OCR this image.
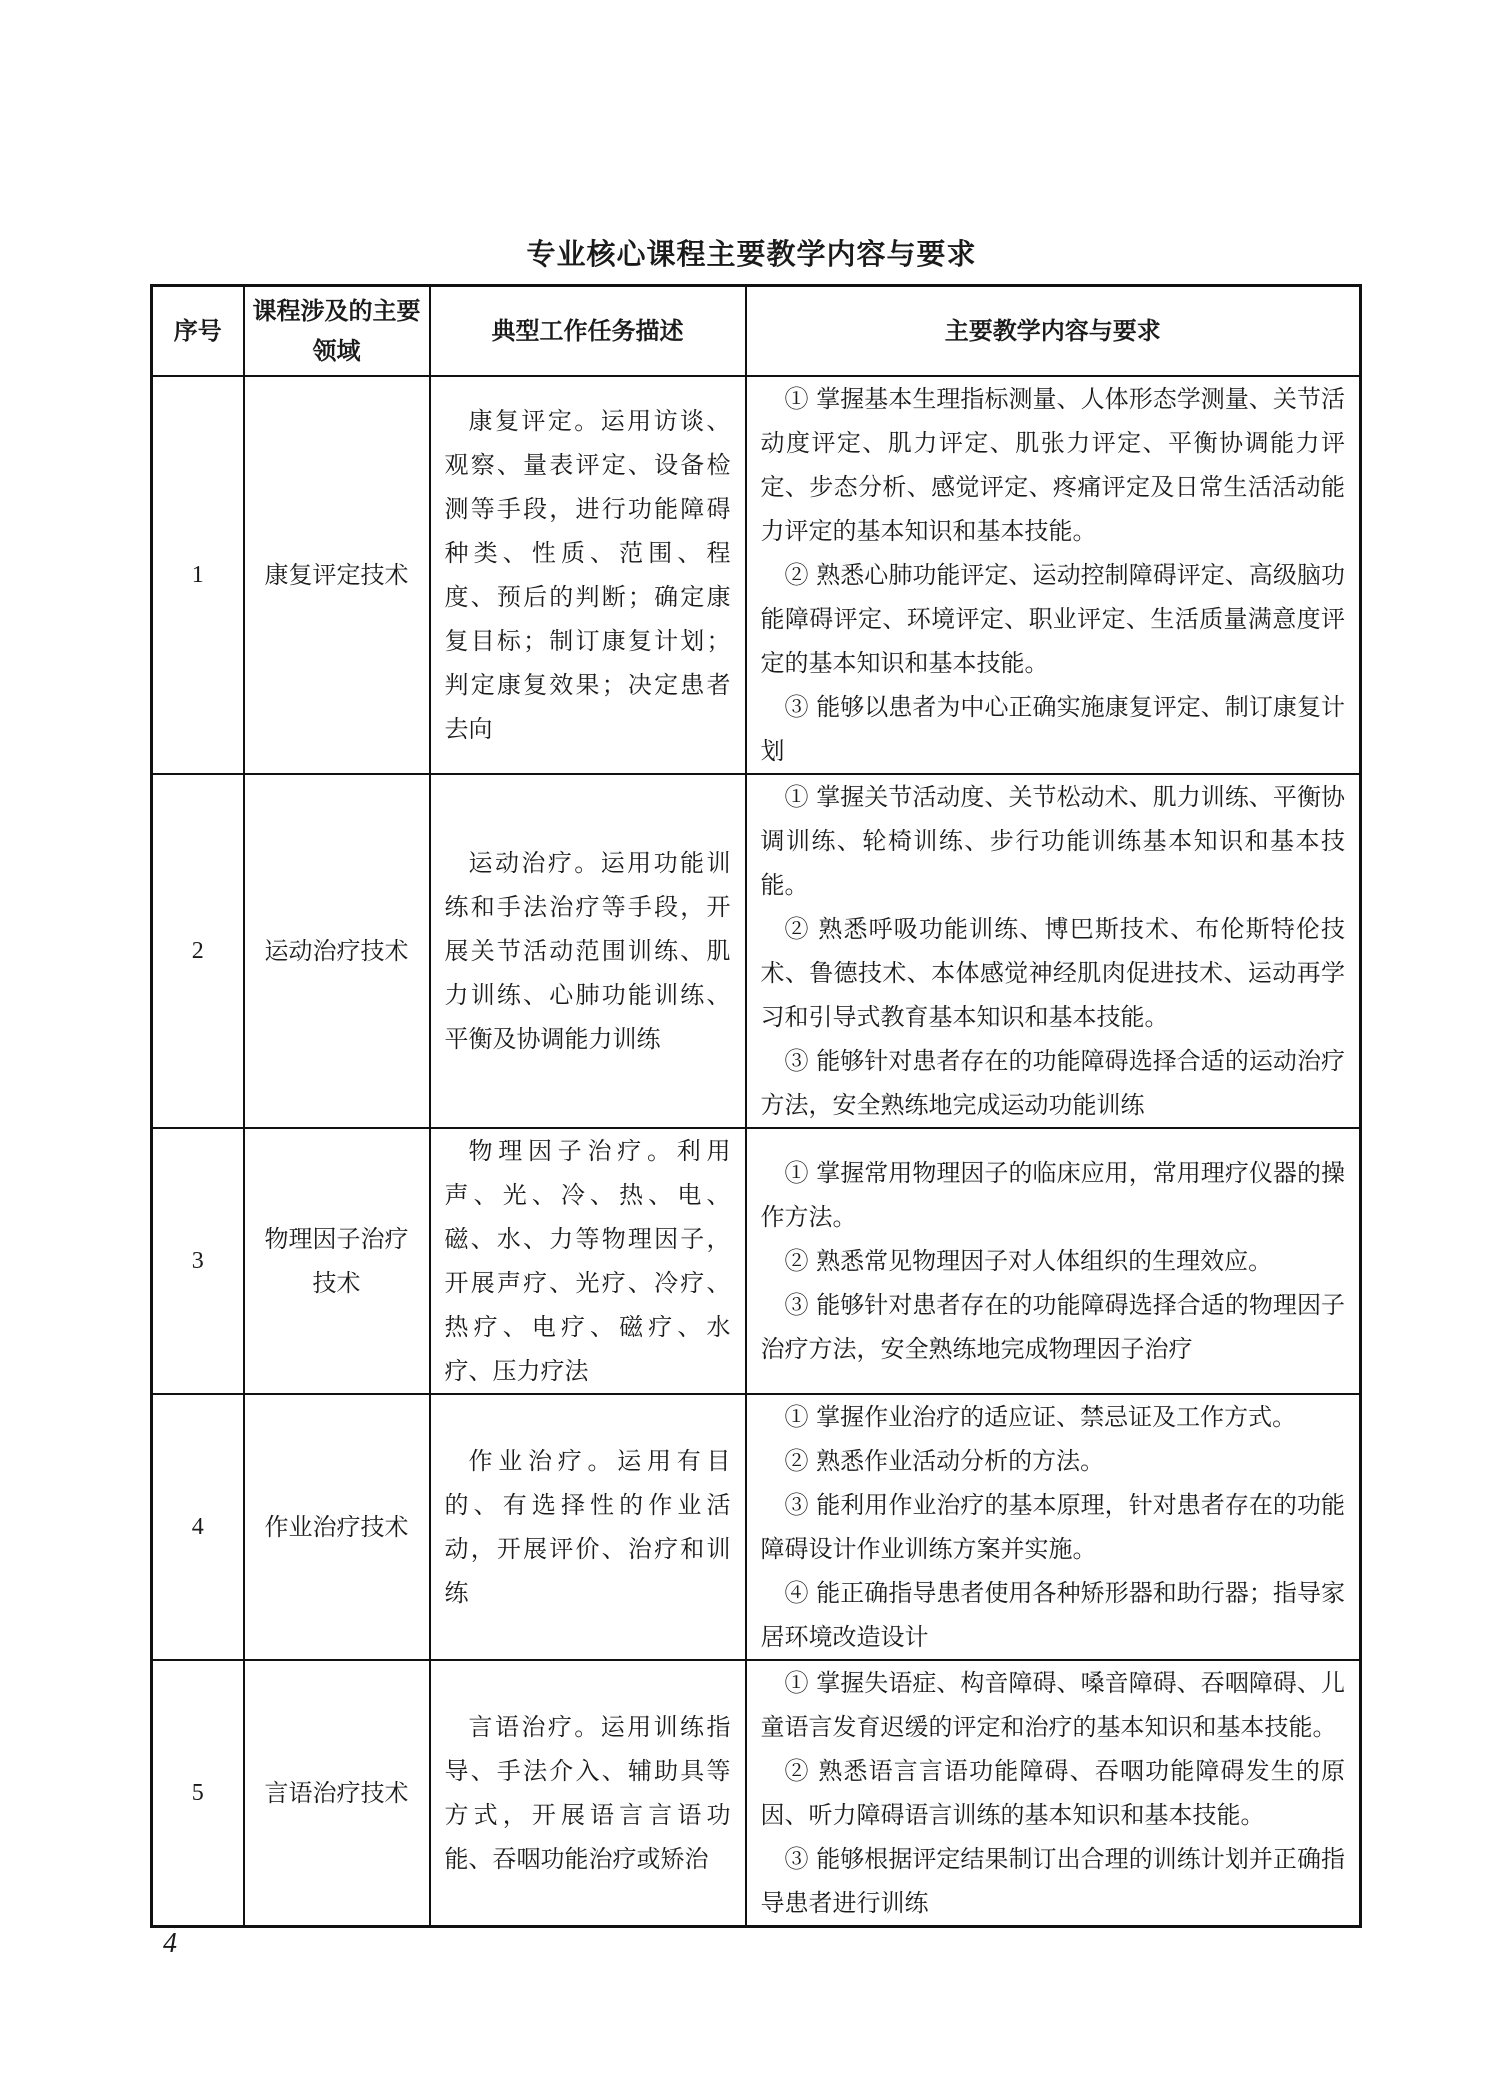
专业核心课程主要教学内容与要求
序号	课程涉及的主要领域	典型工作任务描述	主要教学内容与要求
1	康复评定技术	康复评定。运用访谈、观察、量表评定、设备检测等手段，进行功能障碍种类、性质、范围、程度、预后的判断；确定康复目标；制订康复计划；判定康复效果；决定患者去向	① 掌握基本生理指标测量、人体形态学测量、关节活动度评定、肌力评定、肌张力评定、平衡协调能力评定、步态分析、感觉评定、疼痛评定及日常生活活动能力评定的基本知识和基本技能。

② 熟悉心肺功能评定、运动控制障碍评定、高级脑功能障碍评定、环境评定、职业评定、生活质量满意度评定的基本知识和基本技能。

③ 能够以患者为中心正确实施康复评定、制订康复计划

2	运动治疗技术	运动治疗。运用功能训练和手法治疗等手段，开展关节活动范围训练、肌力训练、心肺功能训练、平衡及协调能力训练	① 掌握关节活动度、关节松动术、肌力训练、平衡协调训练、轮椅训练、步行功能训练基本知识和基本技能。

② 熟悉呼吸功能训练、博巴斯技术、布伦斯特伦技术、鲁德技术、本体感觉神经肌肉促进技术、运动再学习和引导式教育基本知识和基本技能。

③ 能够针对患者存在的功能障碍选择合适的运动治疗方法，安全熟练地完成运动功能训练

3	物理因子治疗技术	物理因子治疗。利用声、光、冷、热、电、磁、水、力等物理因子，开展声疗、光疗、冷疗、热疗、电疗、磁疗、水疗、压力疗法	① 掌握常用物理因子的临床应用，常用理疗仪器的操作方法。

② 熟悉常见物理因子对人体组织的生理效应。

③ 能够针对患者存在的功能障碍选择合适的物理因子治疗方法，安全熟练地完成物理因子治疗

4	作业治疗技术	作业治疗。运用有目的、有选择性的作业活动，开展评价、治疗和训练	① 掌握作业治疗的适应证、禁忌证及工作方式。

② 熟悉作业活动分析的方法。

③ 能利用作业治疗的基本原理，针对患者存在的功能障碍设计作业训练方案并实施。

④ 能正确指导患者使用各种矫形器和助行器；指导家居环境改造设计

5	言语治疗技术	言语治疗。运用训练指导、手法介入、辅助具等方式，开展语言言语功能、吞咽功能治疗或矫治	① 掌握失语症、构音障碍、嗓音障碍、吞咽障碍、儿童语言发育迟缓的评定和治疗的基本知识和基本技能。

② 熟悉语言言语功能障碍、吞咽功能障碍发生的原因、听力障碍语言训练的基本知识和基本技能。

③ 能够根据评定结果制订出合理的训练计划并正确指导患者进行训练

4
